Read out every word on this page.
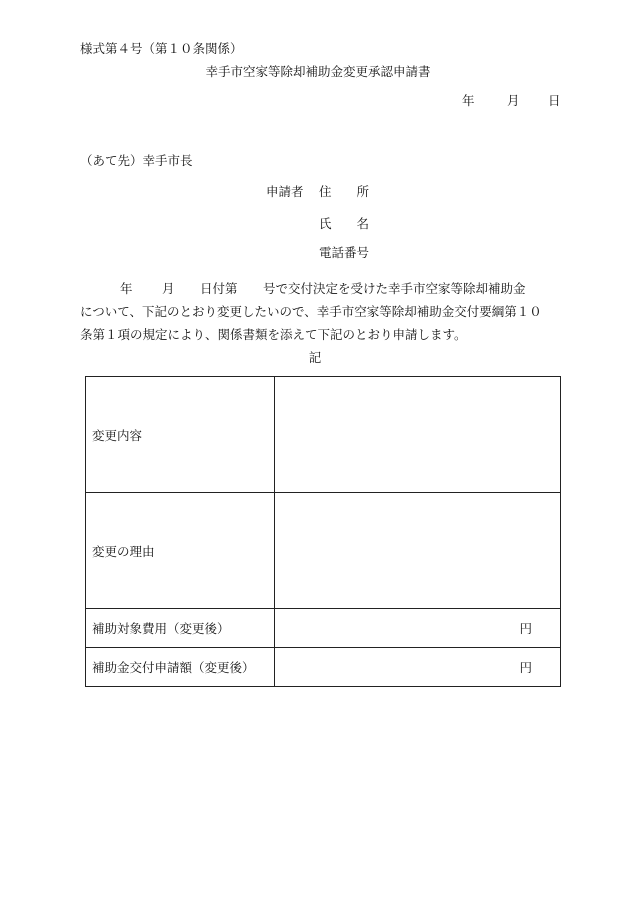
様式第４号（第１０条関係）
幸手市空家等除却補助金変更承認申請書
年	月 日
（あて先）幸手市長
申請者 住　　所
氏　　名
電話番号

年 月 日付第 号で交付決定を受けた幸手市空家等除却補助金

について、下記のとおり変更したいので、幸手市空家等除却補助金交付要綱第１０

条第１項の規定により、関係書類を添えて下記のとおり申請します。

記
変更内容	
変更の理由	
補助対象費用（変更後）	円
補助金交付申請額（変更後）	円
